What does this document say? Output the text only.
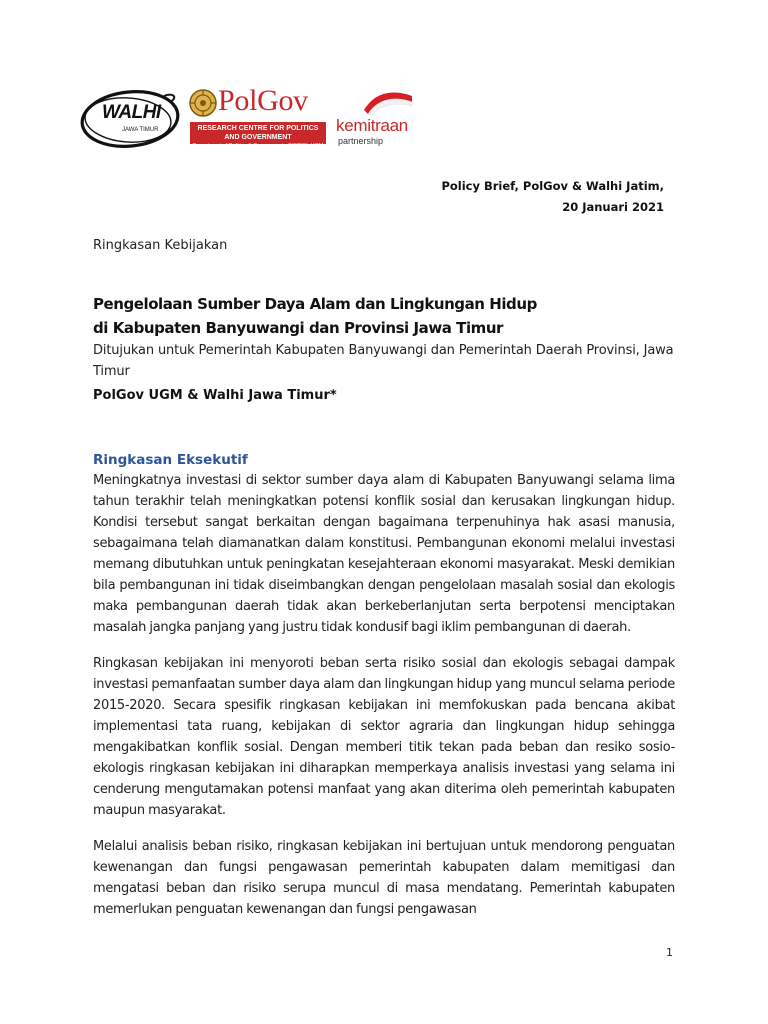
WALHI
JAWA TIMUR
PolGov
RESEARCH CENTRE FOR POLITICS AND GOVERNMENT
Department of Politics & Government - FISIPOL UGM
kemitraan
partnership
Policy Brief, PolGov & Walhi Jatim,
20 Januari 2021
Ringkasan Kebijakan
Pengelolaan Sumber Daya Alam dan Lingkungan Hidup
di Kabupaten Banyuwangi dan Provinsi Jawa Timur
Ditujukan untuk Pemerintah Kabupaten Banyuwangi dan Pemerintah Daerah Provinsi, Jawa Timur
PolGov UGM & Walhi Jawa Timur*
Ringkasan Eksekutif

Meningkatnya investasi di sektor sumber daya alam di Kabupaten Banyuwangi selama lima tahun terakhir telah meningkatkan potensi konflik sosial dan kerusakan lingkungan hidup. Kondisi tersebut sangat berkaitan dengan bagaimana terpenuhinya hak asasi manusia, sebagaimana telah diamanatkan dalam konstitusi. Pembangunan ekonomi melalui investasi memang dibutuhkan untuk peningkatan kesejahteraan ekonomi masyarakat. Meski demikian bila pembangunan ini tidak diseimbangkan dengan pengelolaan masalah sosial dan ekologis maka pembangunan daerah tidak akan berkeberlanjutan serta berpotensi menciptakan masalah jangka panjang yang justru tidak kondusif bagi iklim pembangunan di daerah.

Ringkasan kebijakan ini menyoroti beban serta risiko sosial dan ekologis sebagai dampak investasi pemanfaatan sumber daya alam dan lingkungan hidup yang muncul selama periode 2015-2020. Secara spesifik ringkasan kebijakan ini memfokuskan pada bencana akibat implementasi tata ruang, kebijakan di sektor agraria dan lingkungan hidup sehingga mengakibatkan konflik sosial. Dengan memberi titik tekan pada beban dan resiko sosio-ekologis ringkasan kebijakan ini diharapkan memperkaya analisis investasi yang selama ini cenderung mengutamakan potensi manfaat yang akan diterima oleh pemerintah kabupaten maupun masyarakat.

Melalui analisis beban risiko, ringkasan kebijakan ini bertujuan untuk mendorong penguatan kewenangan dan fungsi pengawasan pemerintah kabupaten dalam memitigasi dan mengatasi beban dan risiko serupa muncul di masa mendatang. Pemerintah kabupaten memerlukan penguatan kewenangan dan fungsi pengawasan

1
